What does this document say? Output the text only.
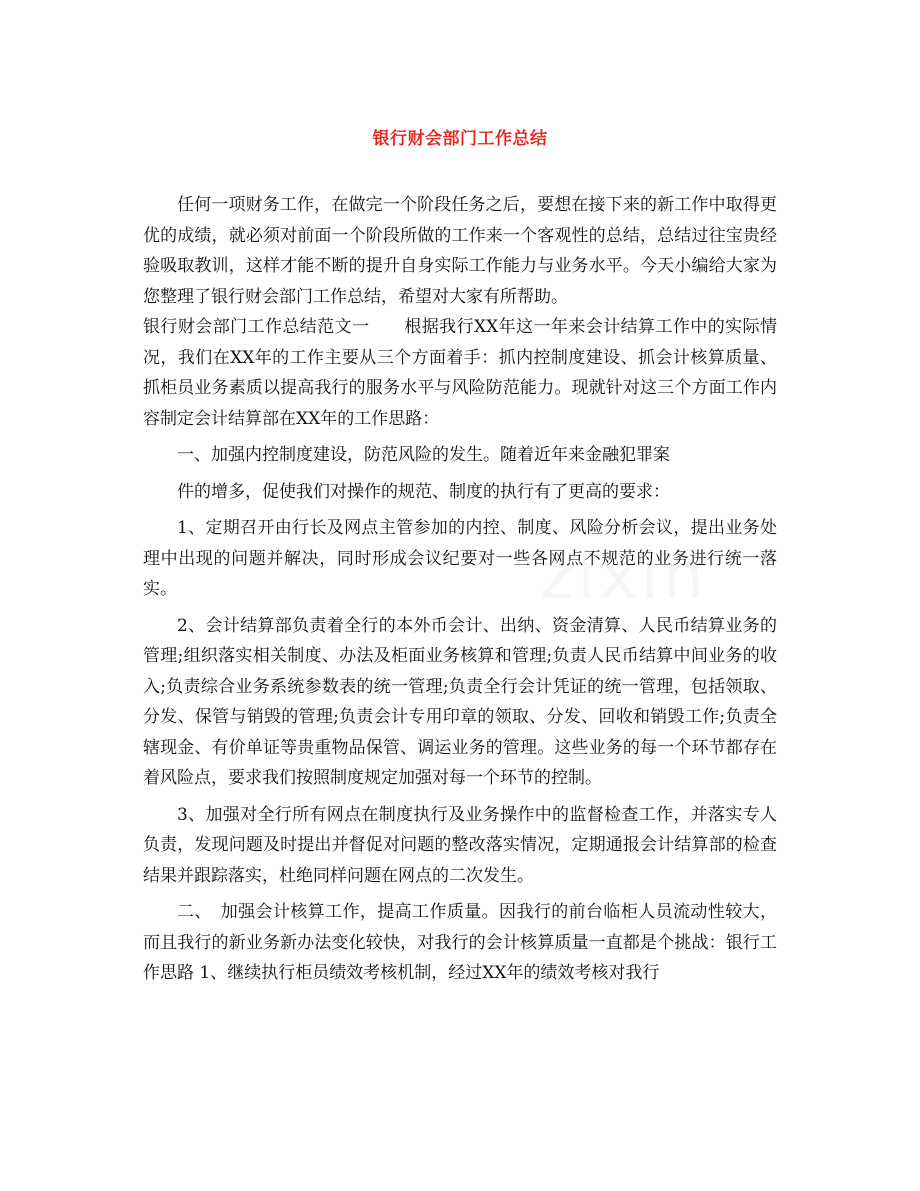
zixin
银行财会部门工作总结

任何一项财务工作，在做完一个阶段任务之后，要想在接下来的新工作中取得更优的成绩，就必须对前面一个阶段所做的工作来一个客观性的总结，总结过往宝贵经验吸取教训，这样才能不断的提升自身实际工作能力与业务水平。今天小编给大家为您整理了银行财会部门工作总结，希望对大家有所帮助。

银行财会部门工作总结范文一　　根据我行XX年这一年来会计结算工作中的实际情况，我们在XX年的工作主要从三个方面着手：抓内控制度建设、抓会计核算质量、抓柜员业务素质以提高我行的服务水平与风险防范能力。现就针对这三个方面工作内容制定会计结算部在XX年的工作思路：

一、加强内控制度建设，防范风险的发生。随着近年来金融犯罪案

件的增多，促使我们对操作的规范、制度的执行有了更高的要求：

1、定期召开由行长及网点主管参加的内控、制度、风险分析会议，提出业务处理中出现的问题并解决，同时形成会议纪要对一些各网点不规范的业务进行统一落实。

2、会计结算部负责着全行的本外币会计、出纳、资金清算、人民币结算业务的管理;组织落实相关制度、办法及柜面业务核算和管理;负责人民币结算中间业务的收入;负责综合业务系统参数表的统一管理;负责全行会计凭证的统一管理，包括领取、分发、保管与销毁的管理;负责会计专用印章的领取、分发、回收和销毁工作;负责全辖现金、有价单证等贵重物品保管、调运业务的管理。这些业务的每一个环节都存在着风险点，要求我们按照制度规定加强对每一个环节的控制。

3、加强对全行所有网点在制度执行及业务操作中的监督检查工作，并落实专人负责，发现问题及时提出并督促对问题的整改落实情况，定期通报会计结算部的检查结果并跟踪落实，杜绝同样问题在网点的二次发生。

二、　加强会计核算工作，提高工作质量。因我行的前台临柜人员流动性较大，而且我行的新业务新办法变化较快，对我行的会计核算质量一直都是个挑战：银行工作思路 1、继续执行柜员绩效考核机制，经过XX年的绩效考核对我行
